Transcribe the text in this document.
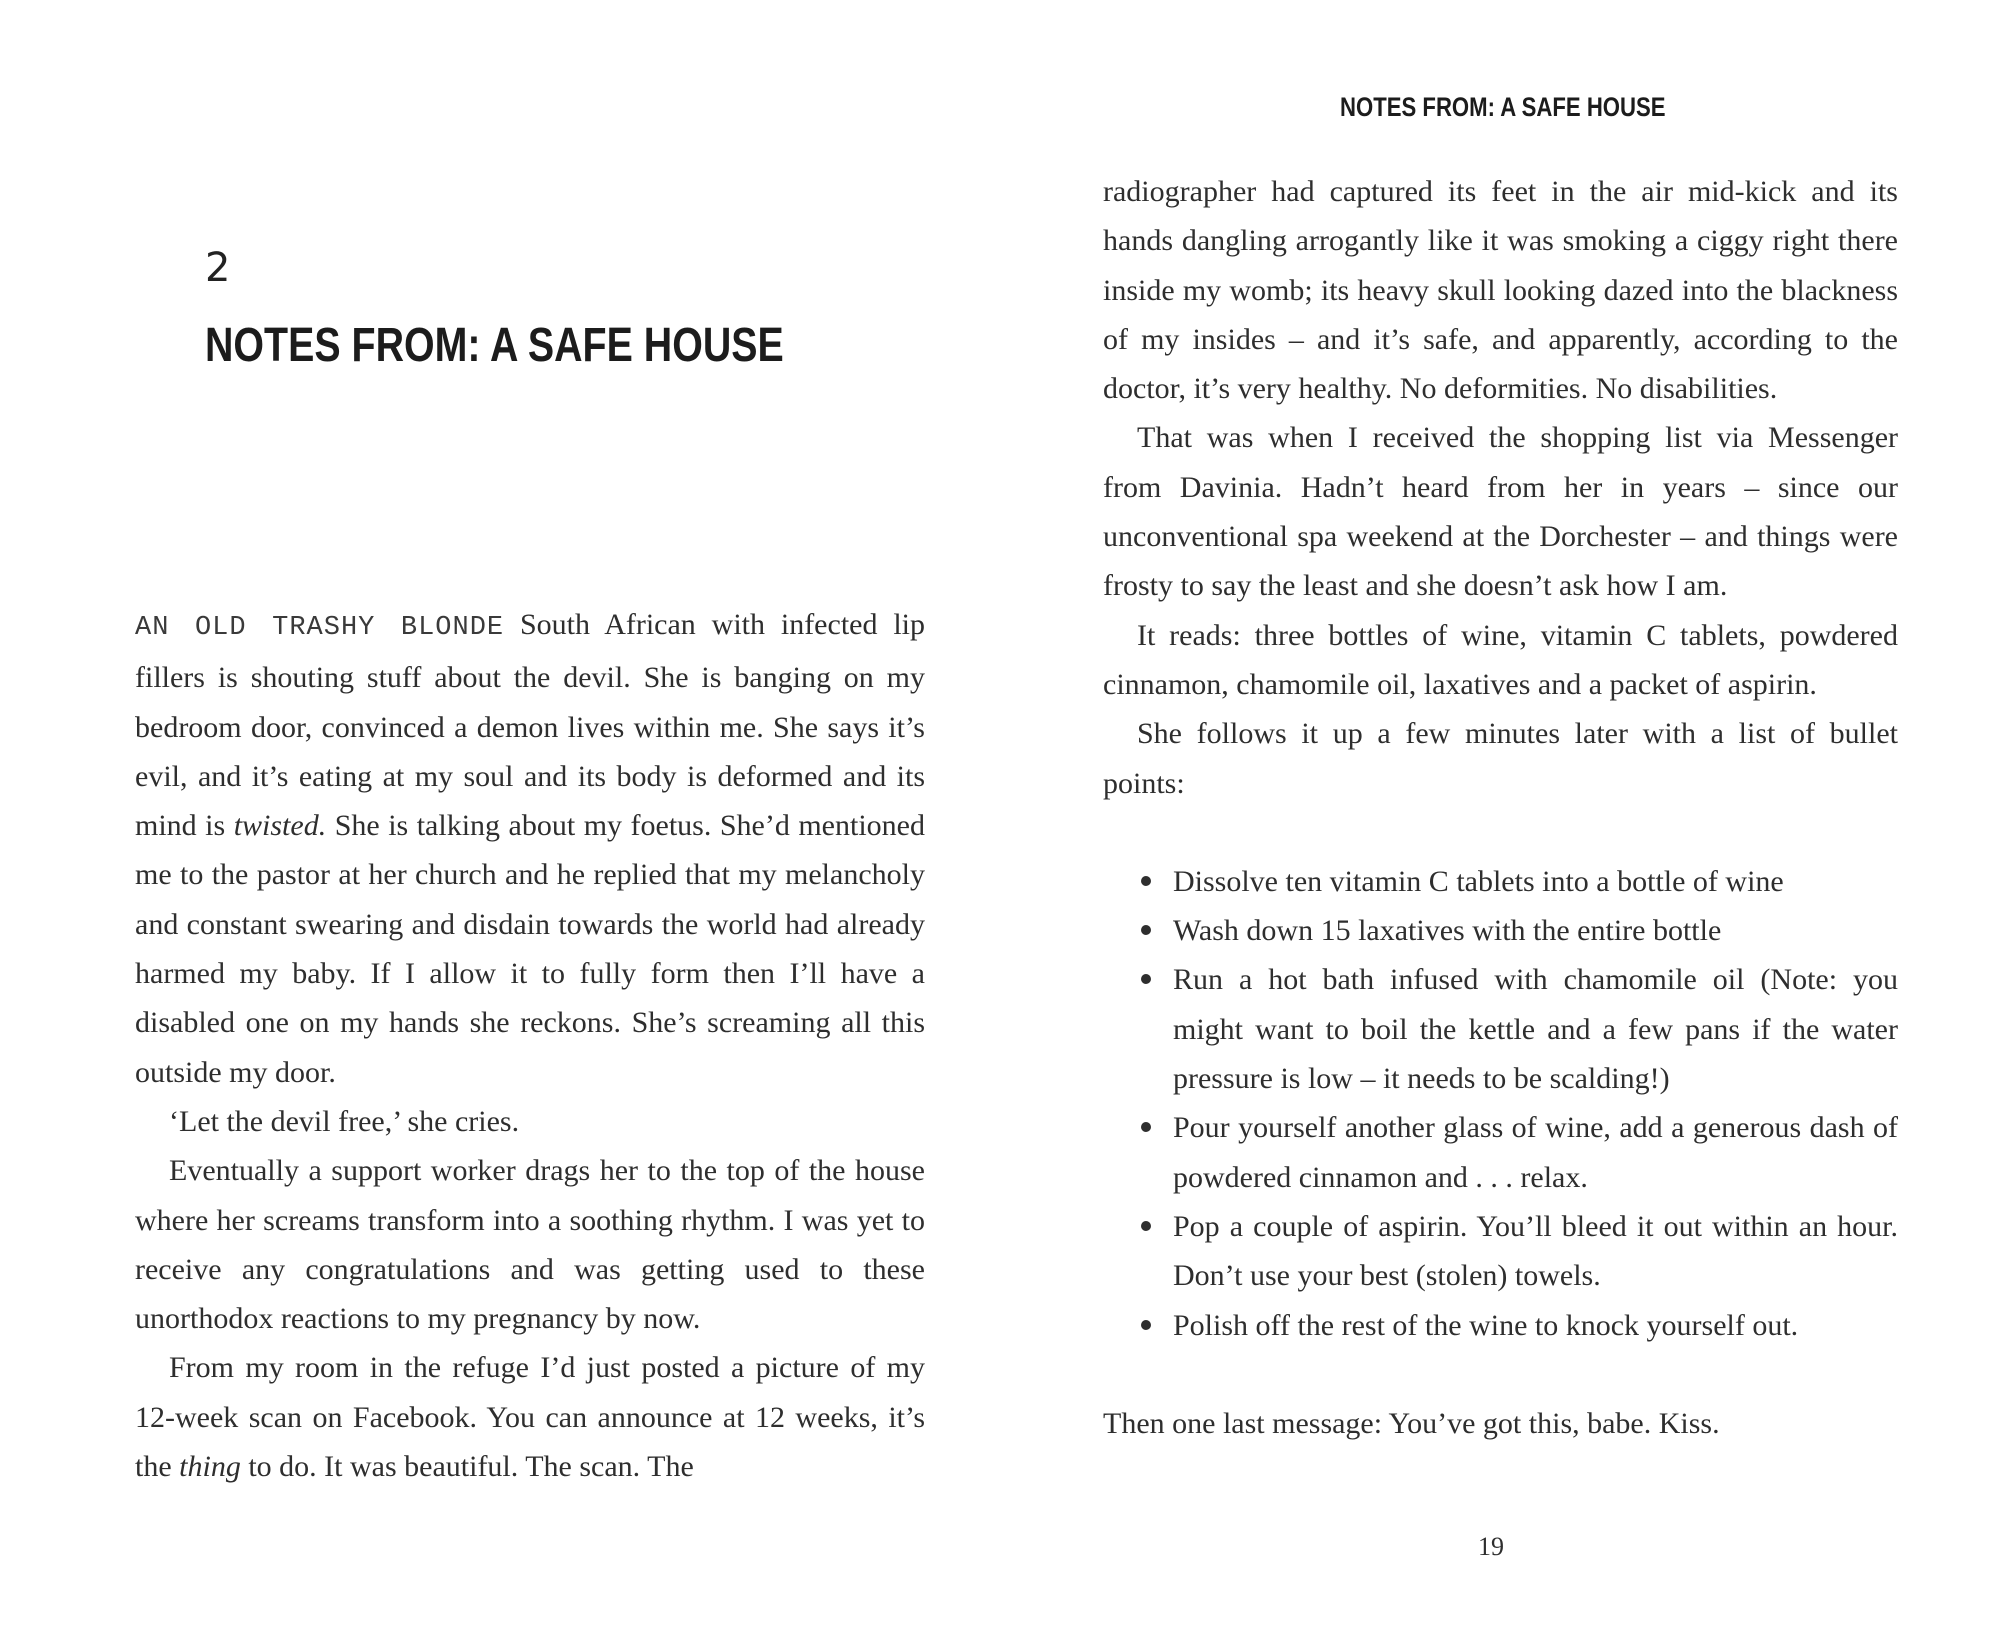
2
NOTES FROM: A SAFE HOUSE

AN OLD TRASHY BLONDE South African with infected lip fillers is shouting stuff about the devil. She is banging on my bedroom door, convinced a demon lives within me. She says it’s evil, and it’s eating at my soul and its body is deformed and its mind is twisted. She is talking about my foetus. She’d mentioned me to the pastor at her church and he replied that my melancholy and constant swearing and disdain towards the world had already harmed my baby. If I allow it to fully form then I’ll have a disabled one on my hands she reckons. She’s screaming all this outside my door.

‘Let the devil free,’ she cries.

Eventually a support worker drags her to the top of the house where her screams transform into a soothing rhythm. I was yet to receive any congratulations and was getting used to these unorthodox reactions to my pregnancy by now.

From my room in the refuge I’d just posted a picture of my 12-week scan on Facebook. You can announce at 12 weeks, it’s the thing to do. It was beautiful. The scan. The

NOTES FROM: A SAFE HOUSE

radiographer had captured its feet in the air mid-kick and its hands dangling arrogantly like it was smoking a ciggy right there inside my womb; its heavy skull looking dazed into the blackness of my insides – and it’s safe, and apparently, according to the doctor, it’s very healthy. No deformities. No disabilities.

That was when I received the shopping list via Messenger from Davinia. Hadn’t heard from her in years – since our unconventional spa weekend at the Dorchester – and things were frosty to say the least and she doesn’t ask how I am.

It reads: three bottles of wine, vitamin C tablets, powdered cinnamon, chamomile oil, laxatives and a packet of aspirin.

She follows it up a few minutes later with a list of bullet points:

Dissolve ten vitamin C tablets into a bottle of wine
Wash down 15 laxatives with the entire bottle
Run a hot bath infused with chamomile oil (Note: you might want to boil the kettle and a few pans if the water pressure is low – it needs to be scalding!)
Pour yourself another glass of wine, add a generous dash of powdered cinnamon and . . . relax.
Pop a couple of aspirin. You’ll bleed it out within an hour. Don’t use your best (stolen) towels.
Polish off the rest of the wine to knock yourself out.

Then one last message: You’ve got this, babe. Kiss.

19
